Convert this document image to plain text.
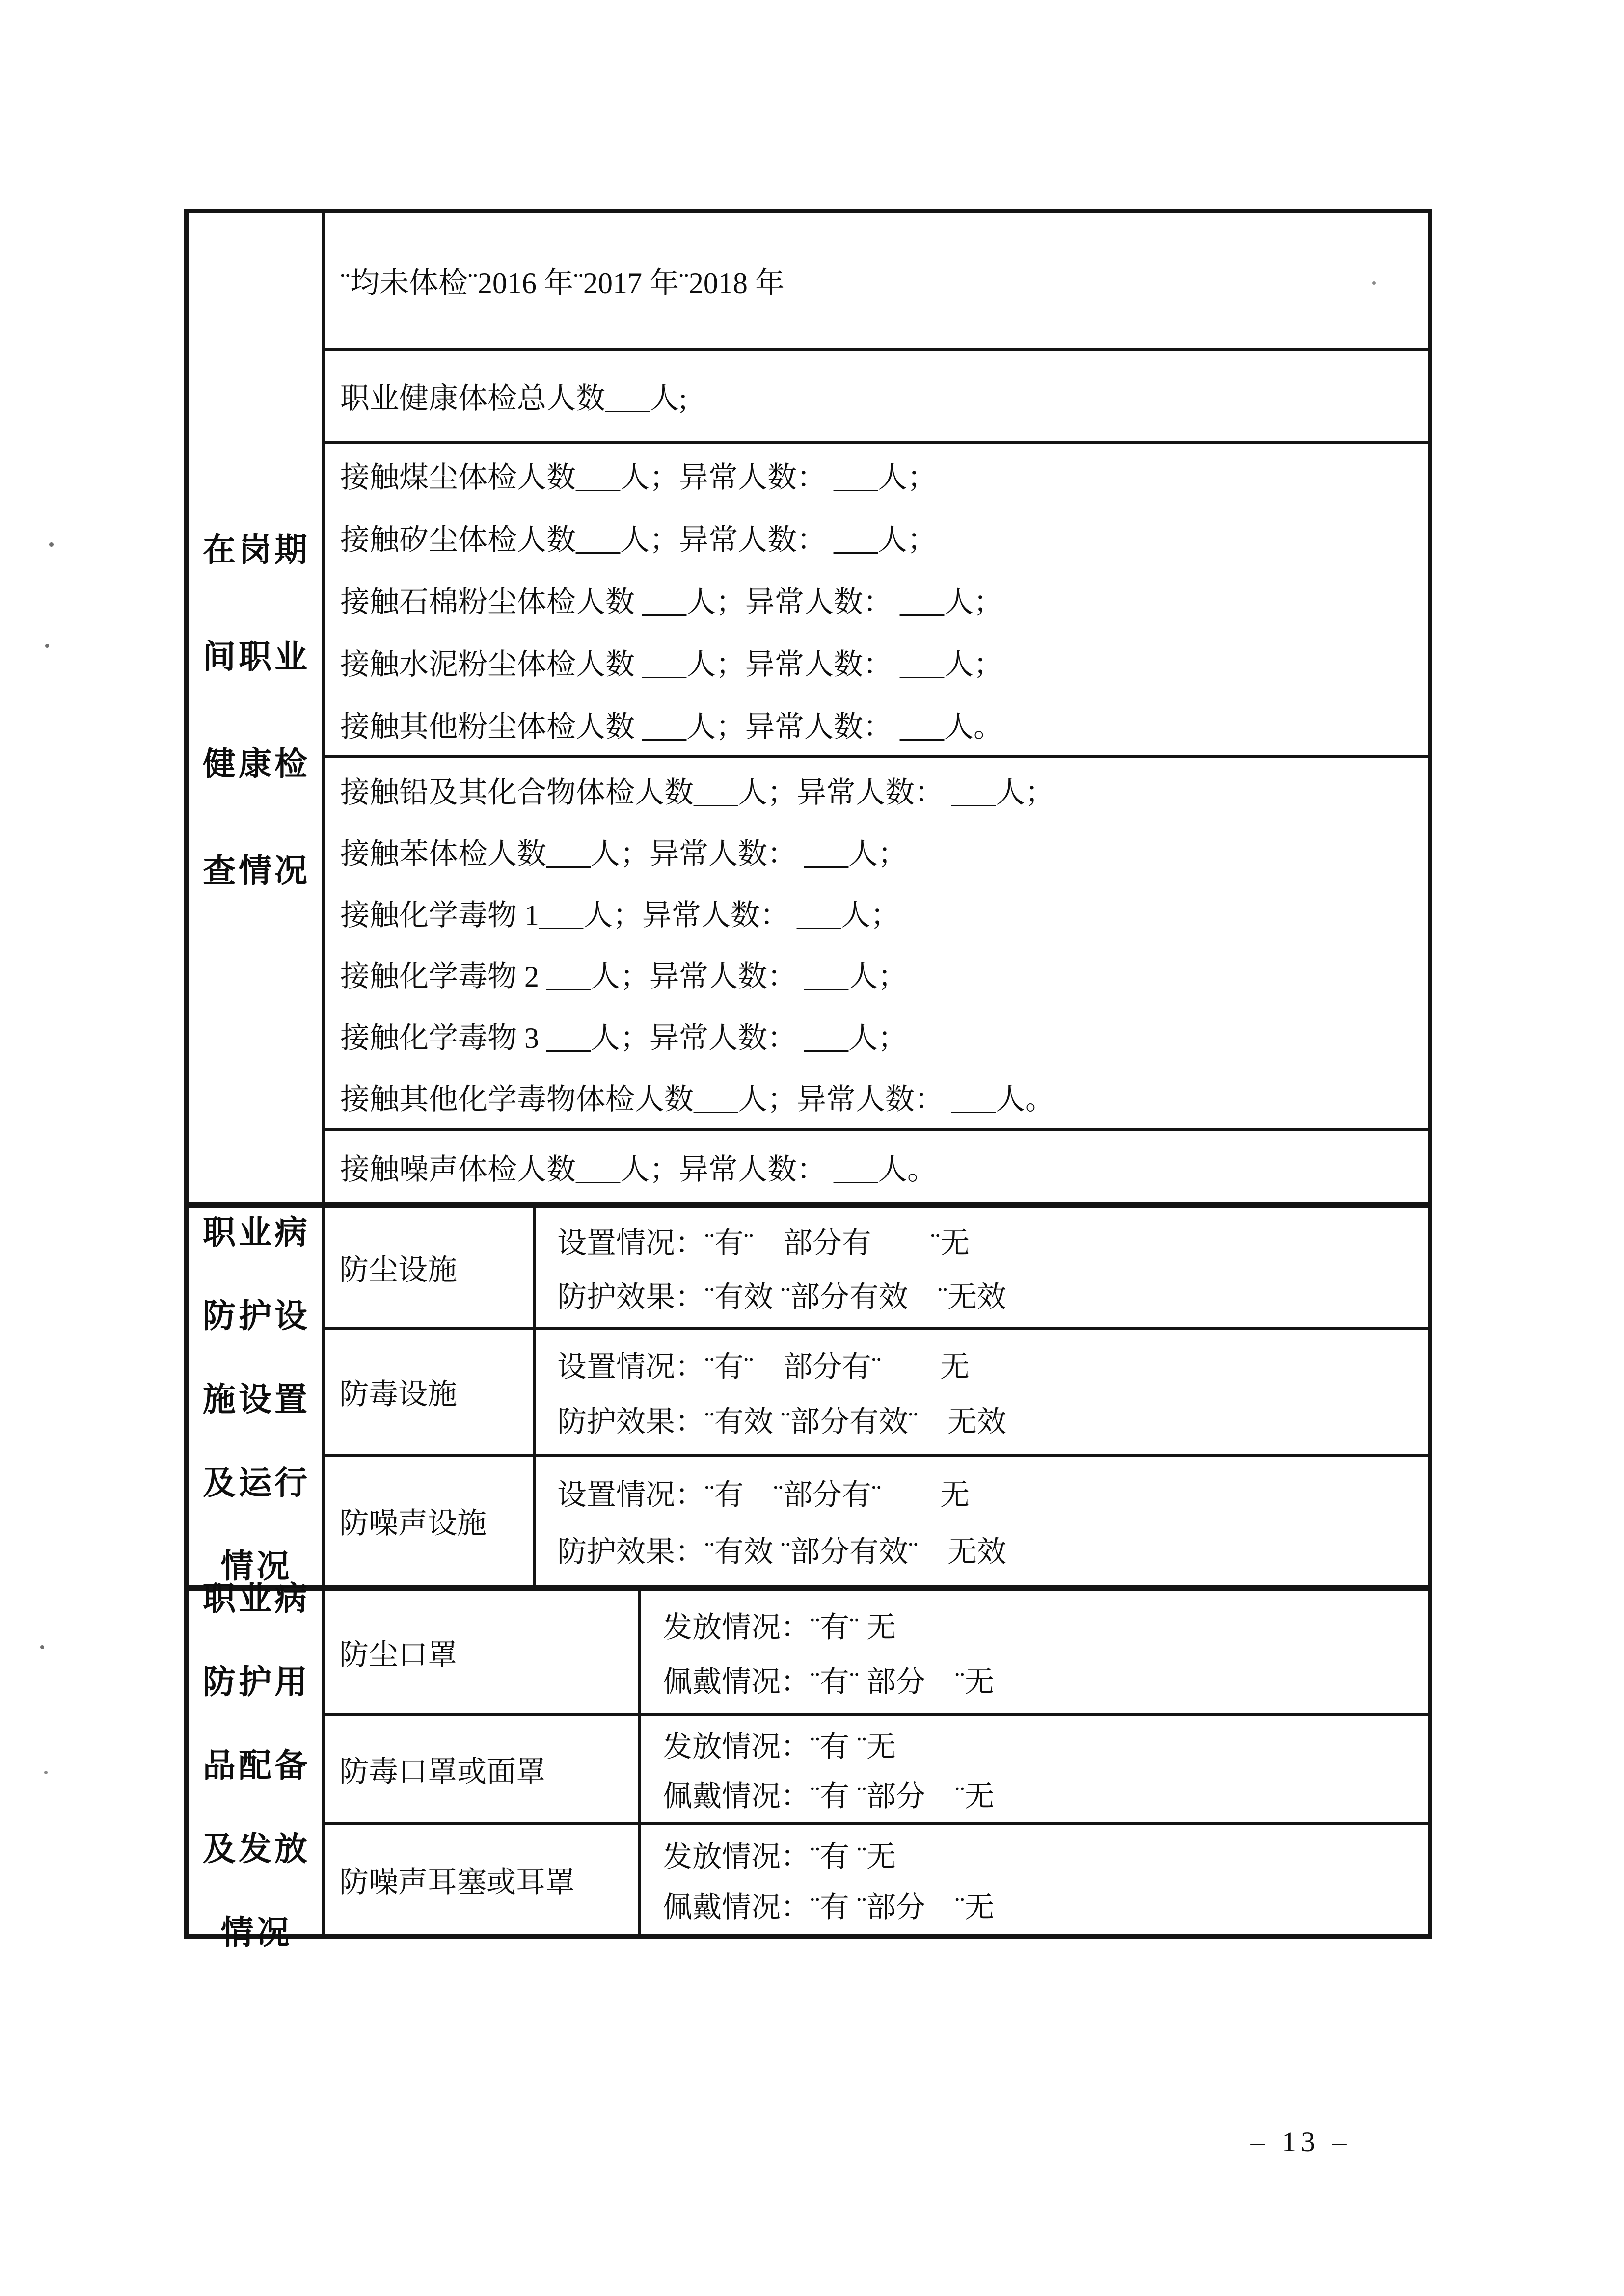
在岗期
间职业
健康检
查情况
¨均未体检¨2016 年¨2017 年¨2018 年
职业健康体检总人数___人;
接触煤尘体检人数___人；异常人数： ___人；
接触矽尘体检人数___人；异常人数： ___人；
接触石棉粉尘体检人数 ___人；异常人数： ___人；
接触水泥粉尘体检人数 ___人；异常人数： ___人；
接触其他粉尘体检人数 ___人；异常人数： ___人。
接触铅及其化合物体检人数___人；异常人数： ___人；
接触苯体检人数___人；异常人数： ___人；
接触化学毒物 1___人；异常人数： ___人；
接触化学毒物 2 ___人；异常人数： ___人；
接触化学毒物 3 ___人；异常人数： ___人；
接触其他化学毒物体检人数___人；异常人数： ___人。
接触噪声体检人数___人；异常人数： ___人。
职业病
防护设
施设置
及运行
情况
防尘设施
设置情况：¨有¨　部分有　　¨无
防护效果：¨有效 ¨部分有效　¨无效
防毒设施
设置情况：¨有¨　部分有¨　　无
防护效果：¨有效 ¨部分有效¨　无效
防噪声设施
设置情况：¨有　¨部分有¨　　无
防护效果：¨有效 ¨部分有效¨　无效
职业病
防护用
品配备
及发放
情况
防尘口罩
发放情况：¨有¨ 无
佩戴情况：¨有¨ 部分　¨无
防毒口罩或面罩
发放情况：¨有 ¨无
佩戴情况：¨有 ¨部分　¨无
防噪声耳塞或耳罩
发放情况：¨有 ¨无
佩戴情况：¨有 ¨部分　¨无
– 13 –
